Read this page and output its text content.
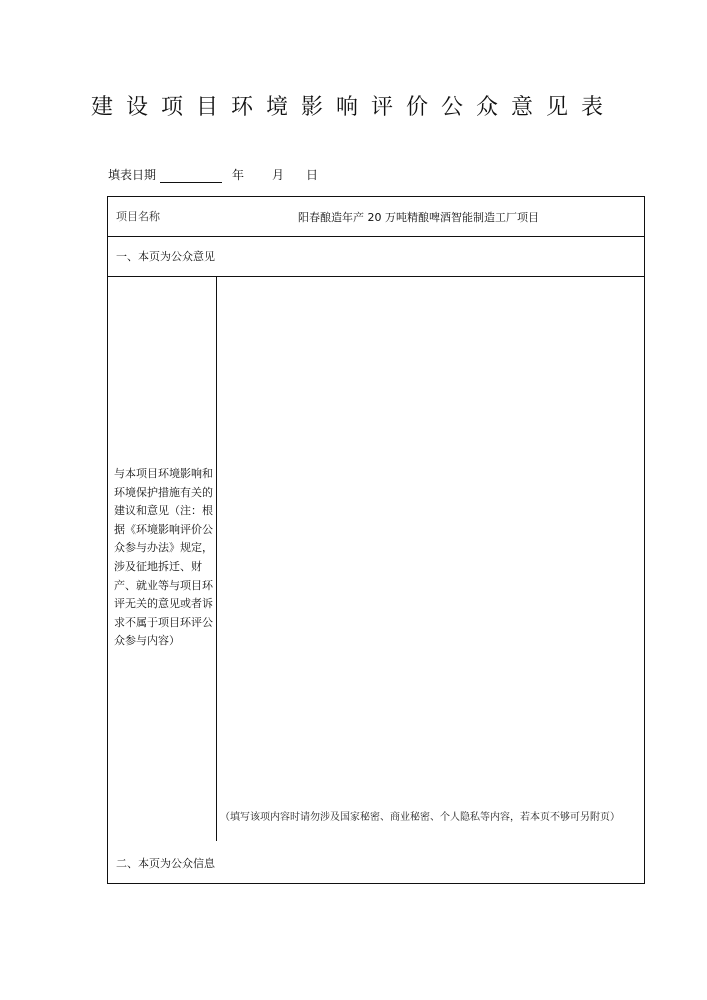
建设项目环境影响评价公众意见表
填表日期	年 月 日
项目名称	阳春酿造年产 20 万吨精酿啤酒智能制造工厂项目
一、本页为公众意见
与本项目环境影响和环境保护措施有关的建议和意见（注：根据《环境影响评价公众参与办法》规定，涉及征地拆迁、财产、就业等与项目环评无关的意见或者诉求不属于项目环评公众参与内容）
（填写该项内容时请勿涉及国家秘密、商业秘密、个人隐私等内容，若本页不够可另附页）
二、本页为公众信息
